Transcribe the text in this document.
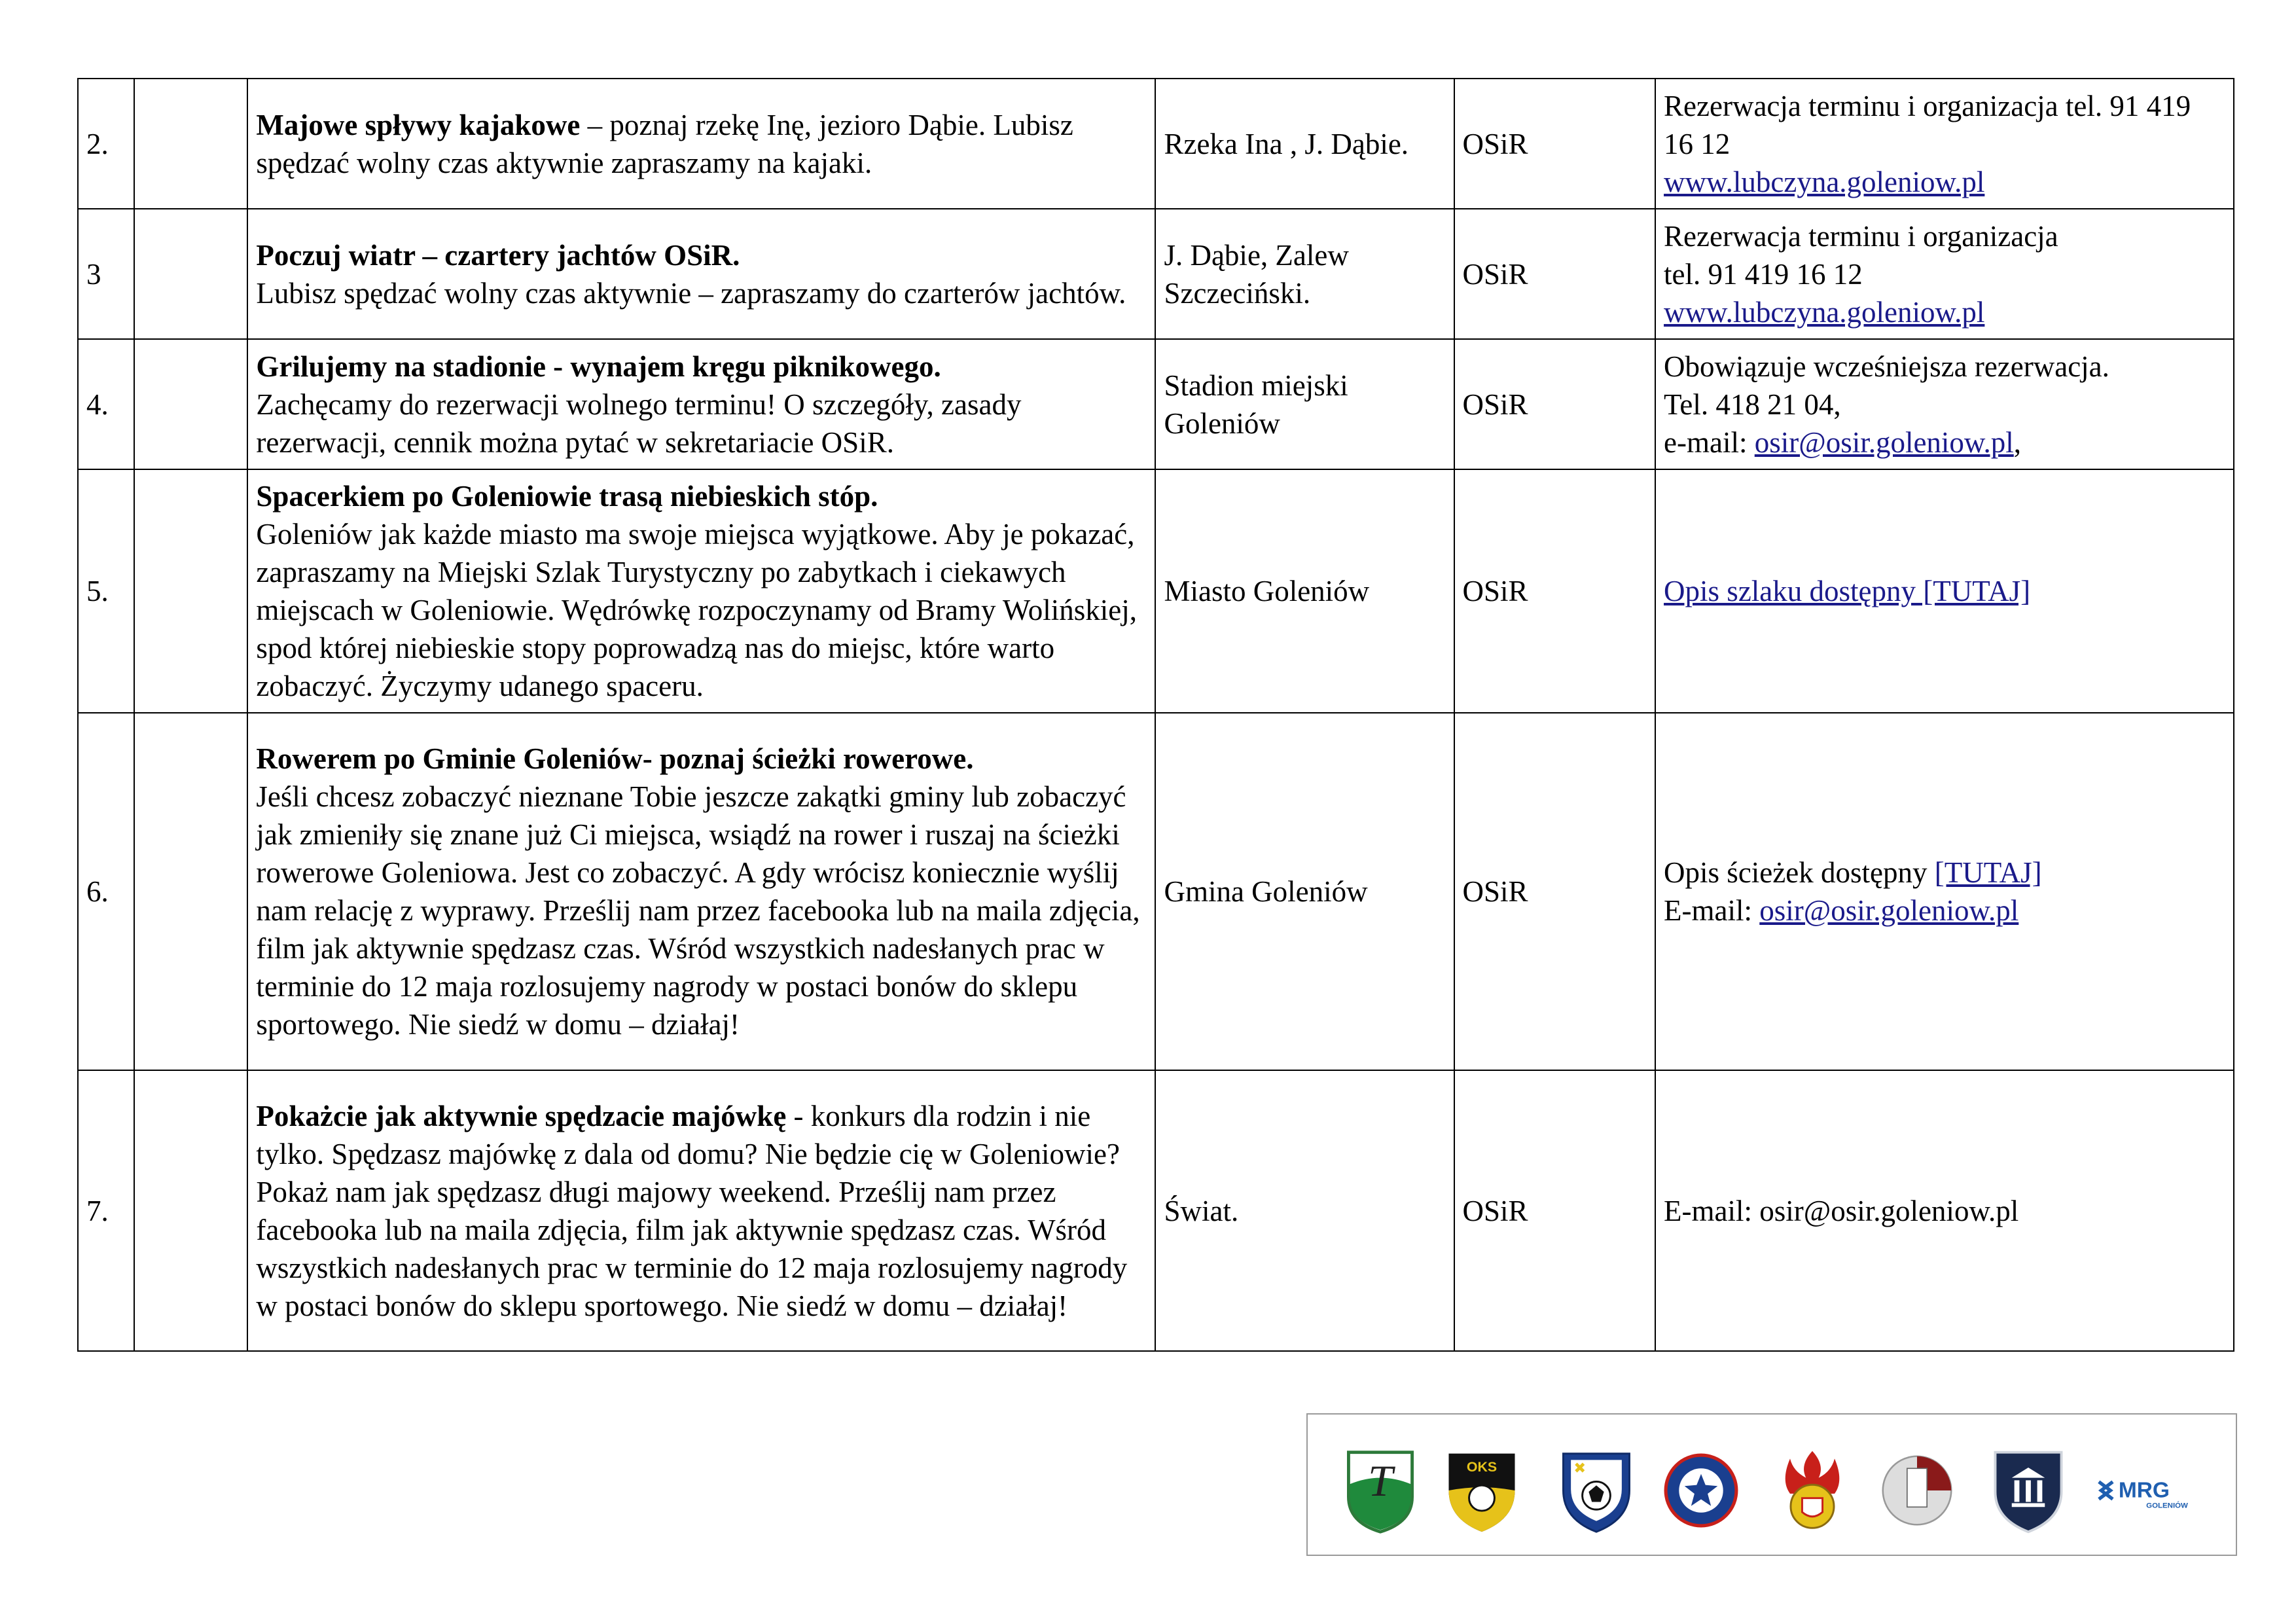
2.		Majowe spływy kajakowe – poznaj rzekę Inę, jezioro Dąbie. Lubisz spędzać wolny czas aktywnie zapraszamy na kajaki.	Rzeka Ina , J. Dąbie.	OSiR	Rezerwacja terminu i organizacja tel. 91 419 16 12
www.lubczyna.goleniow.pl

3		Poczuj wiatr – czartery jachtów OSiR.
Lubisz spędzać wolny czas aktywnie – zapraszamy do czarterów jachtów.	J. Dąbie, Zalew Szczeciński.	OSiR	Rezerwacja terminu i organizacja
tel. 91 419 16 12
www.lubczyna.goleniow.pl

4.		Grilujemy na stadionie - wynajem kręgu piknikowego.
Zachęcamy do rezerwacji wolnego terminu! O szczegóły, zasady rezerwacji, cennik można pytać w sekretariacie OSiR.	Stadion miejski Goleniów	OSiR	Obowiązuje wcześniejsza rezerwacja.
Tel. 418 21 04,
e-mail: osir@osir.goleniow.pl,

5.		Spacerkiem po Goleniowie trasą niebieskich stóp.
Goleniów jak każde miasto ma swoje miejsca wyjątkowe. Aby je pokazać, zapraszamy na Miejski Szlak Turystyczny po zabytkach i ciekawych miejscach w Goleniowie. Wędrówkę rozpoczynamy od Bramy Wolińskiej, spod której niebieskie stopy poprowadzą nas do miejsc, które warto zobaczyć. Życzymy udanego spaceru.	Miasto Goleniów	OSiR	Opis szlaku dostępny [TUTAJ]

6.		Rowerem po Gminie Goleniów- poznaj ścieżki rowerowe.
Jeśli chcesz zobaczyć nieznane Tobie jeszcze zakątki gminy lub zobaczyć jak zmieniły się znane już Ci miejsca, wsiądź na rower i ruszaj na ścieżki rowerowe Goleniowa. Jest co zobaczyć. A gdy wrócisz koniecznie wyślij nam relację z wyprawy. Prześlij nam przez facebooka lub na maila zdjęcia, film jak aktywnie spędzasz czas. Wśród wszystkich nadesłanych prac w terminie do 12 maja rozlosujemy nagrody w postaci bonów do sklepu sportowego. Nie siedź w domu – działaj!	Gmina Goleniów	OSiR	Opis ścieżek dostępny [TUTAJ]
E-mail: osir@osir.goleniow.pl

7.		Pokażcie jak aktywnie spędzacie majówkę - konkurs dla rodzin i nie tylko. Spędzasz majówkę z dala od domu? Nie będzie cię w Goleniowie? Pokaż nam jak spędzasz długi majowy weekend. Prześlij nam przez facebooka lub na maila zdjęcia, film jak aktywnie spędzasz czas. Wśród wszystkich nadesłanych prac w terminie do 12 maja rozlosujemy nagrody w postaci bonów do sklepu sportowego. Nie siedź w domu – działaj!	Świat.	OSiR	E-mail: osir@osir.goleniow.pl
T	OKS
MRG
GOLENIÓW
